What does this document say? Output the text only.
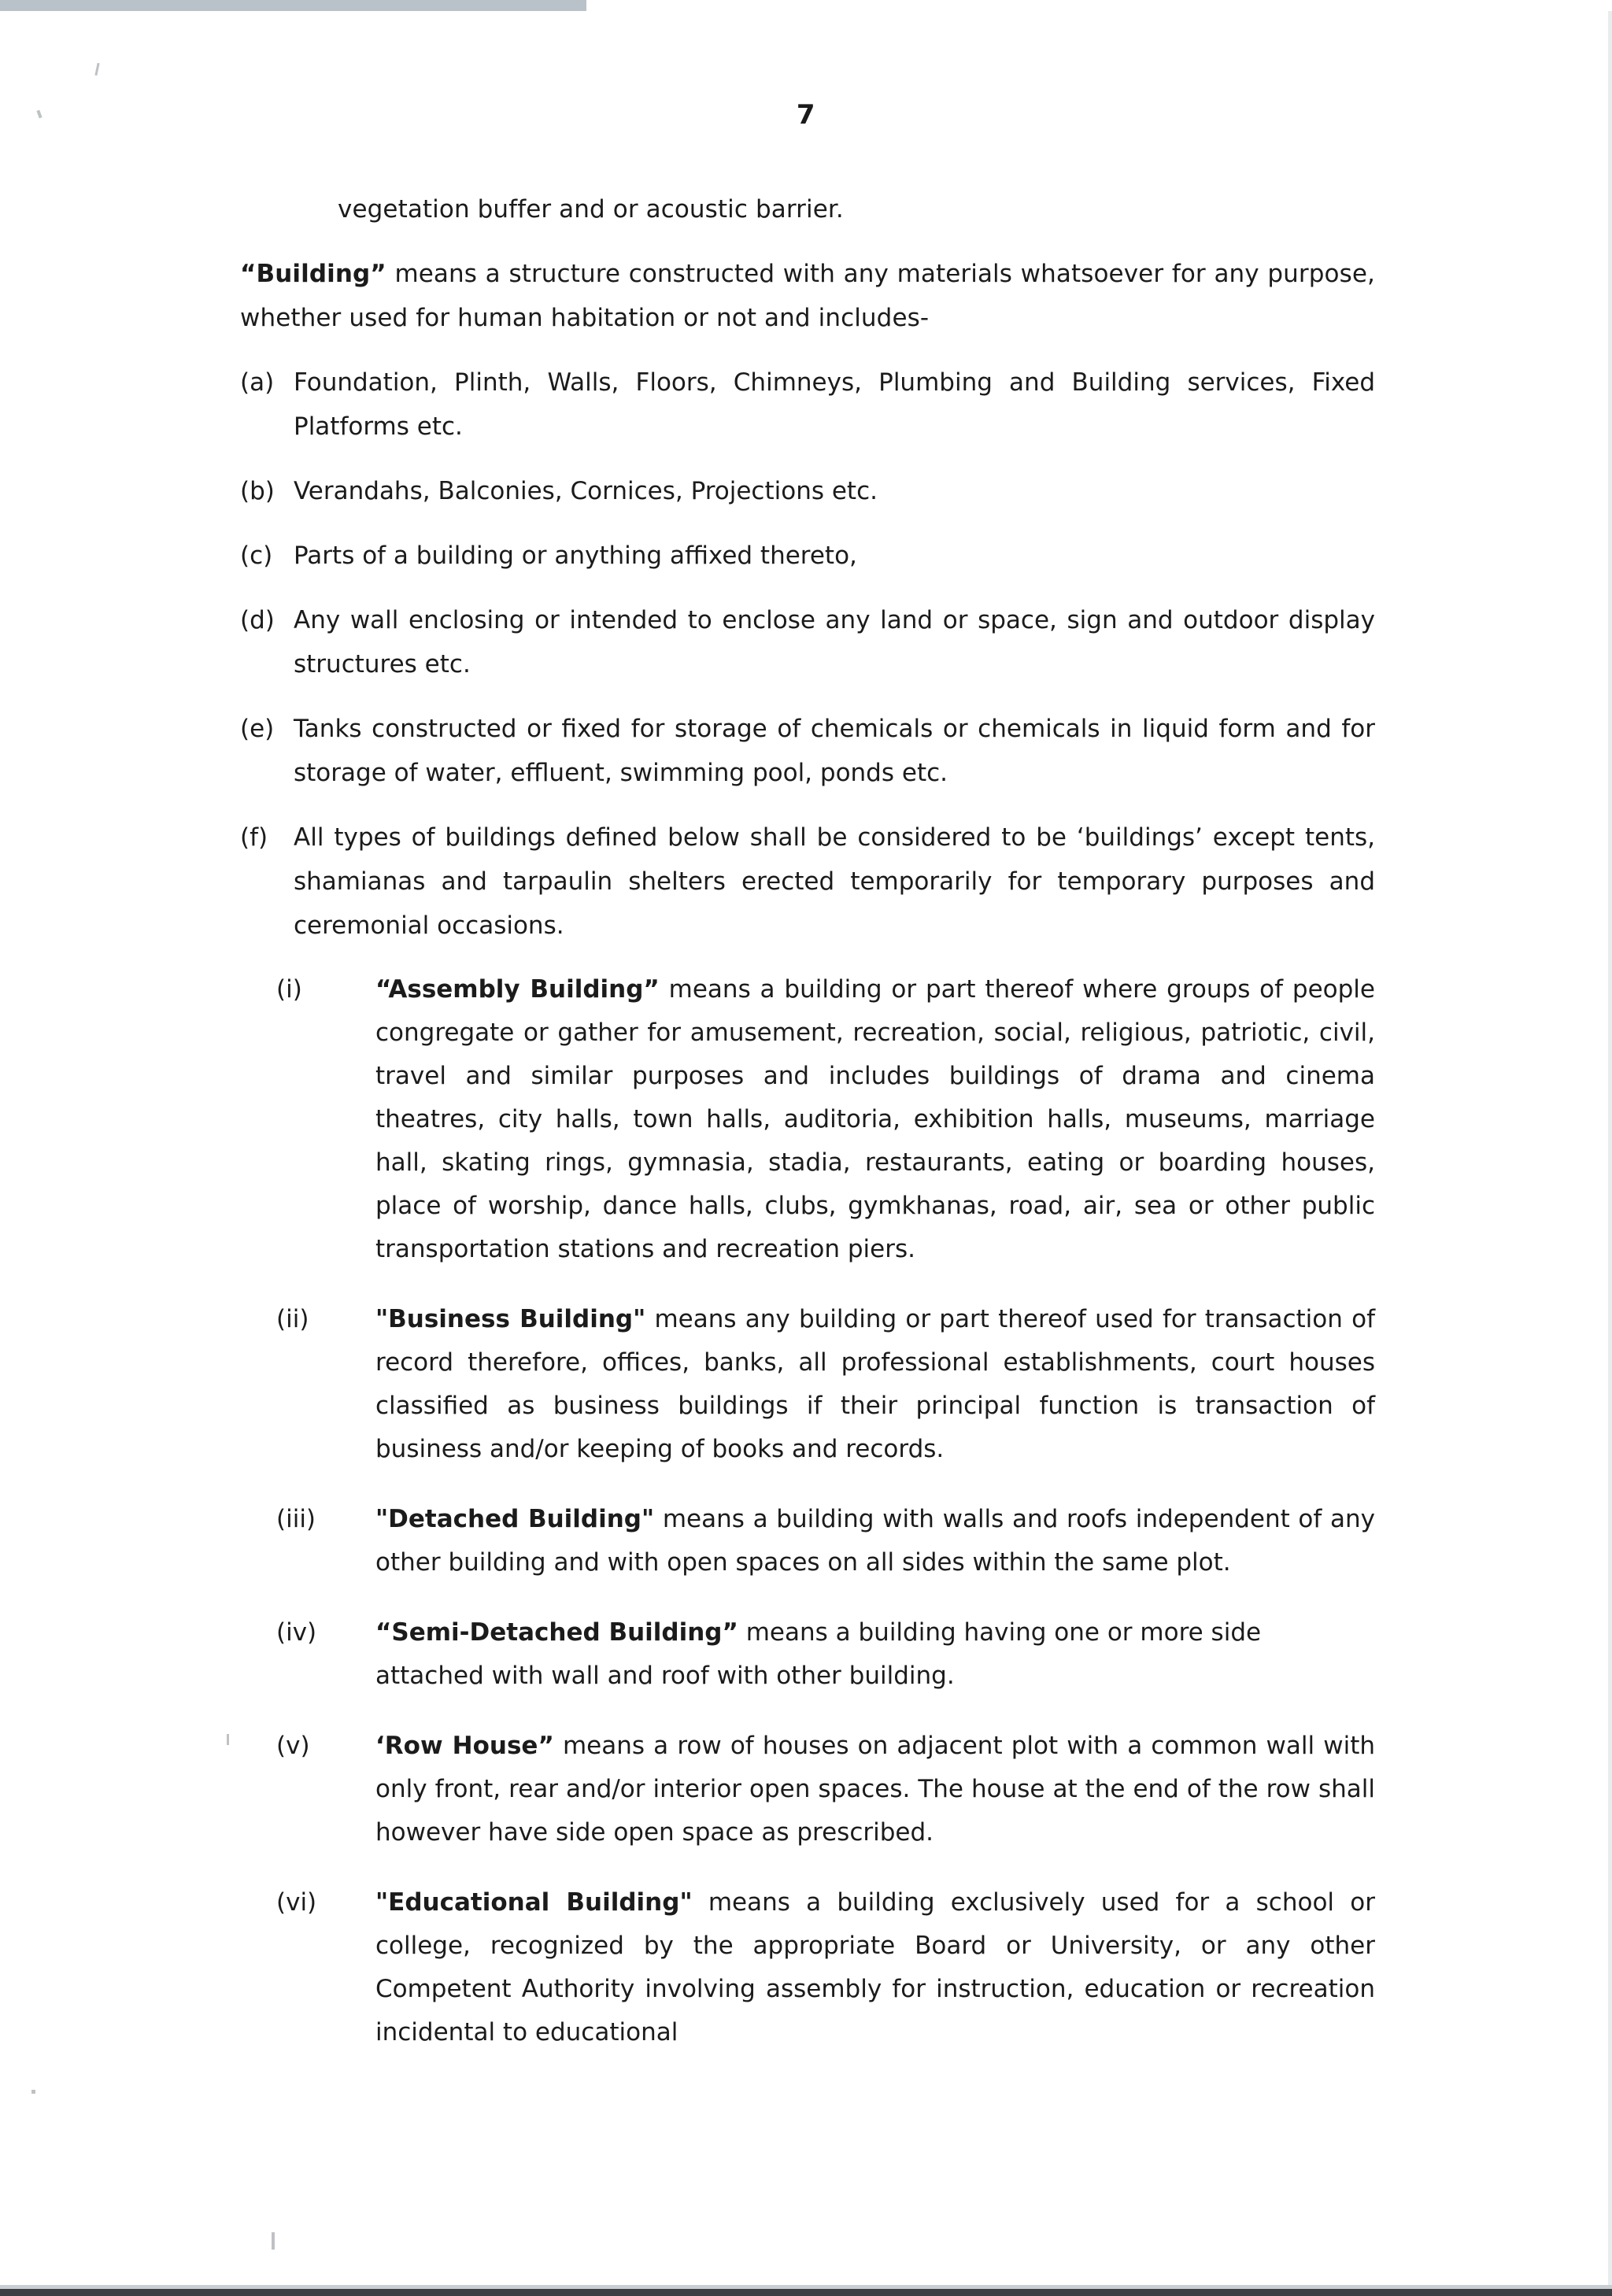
7

vegetation buffer and or acoustic barrier.

“Building” means a structure constructed with any materials whatsoever for any purpose, whether used for human habitation or not and includes-

(a) Foundation, Plinth, Walls, Floors, Chimneys, Plumbing and Building services, Fixed Platforms etc.
(b) Verandahs, Balconies, Cornices, Projections etc.
(c) Parts of a building or anything affixed thereto,
(d) Any wall enclosing or intended to enclose any land or space, sign and outdoor display structures etc.
(e) Tanks constructed or fixed for storage of chemicals or chemicals in liquid form and for storage of water, effluent, swimming pool, ponds etc.
(f)	All types of buildings defined below shall be considered to be ‘buildings’ except tents, shamianas and tarpaulin shelters erected temporarily for temporary purposes and ceremonial occasions.
(i)	“Assembly Building” means a building or part thereof where groups of people congregate or gather for amusement, recreation, social, religious, patriotic, civil, travel and similar purposes and includes buildings of drama and cinema theatres, city halls, town halls, auditoria, exhibition halls, museums, marriage hall, skating rings, gymnasia, stadia, restaurants, eating or boarding houses, place of worship, dance halls, clubs, gymkhanas, road, air, sea or other public transportation stations and recreation piers.
(ii)	"Business Building" means any building or part thereof used for transaction of record therefore, offices, banks, all professional establishments, court houses classified as business buildings if their principal function is transaction of business and/or keeping of books and records.
(iii)	"Detached Building" means a building with walls and roofs independent of any other building and with open spaces on all sides within the same plot.
(iv)	“Semi-Detached Building” means a building having one or more side attached with wall and roof with other building.
(v)	‘Row House” means a row of houses on adjacent plot with a common wall with only front, rear and/or interior open spaces. The house at the end of the row shall however have side open space as prescribed.
(vi)	"Educational Building" means a building exclusively used for a school or college, recognized by the appropriate Board or University, or any other Competent Authority involving assembly for instruction, education or recreation incidental to educational
